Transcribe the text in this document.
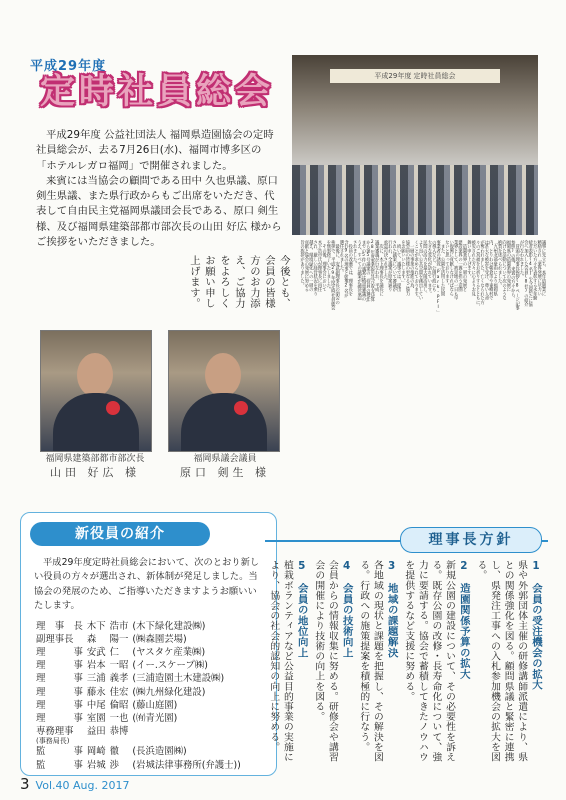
平成29年度
定時社員総会
平成29年度 公益社団法人 福岡県造園協会の定時社員総会が、去る7月26日(水)、福岡市博多区の「ホテルレガロ福岡」で開催されました。
来賓には当協会の顧問である田中 久也県議、原口 剣生県議、また県行政からもご出席をいただき、代表して自由民主党福岡県議団会長である、原口 剣生 様、及び福岡県建築部都市部次長の山田 好広 様からご挨拶をいただきました。
平成29年度 定時社員総会
議事に先立ち、本年造園業に
精励され「業界発展に尽力い
ただいた方々を表彰する永年勤
続者表彰(4名)や今回新たに協
会へ加入した会員(8社)の紹介
が行なわれました。
　冒頭の理事長挨拶(8ページ記事
参照)の後、来賓の方々から、
福岡県の造園業界の発展に
向けた活動について次のような
抱負を述べられました。
「九州北部豪雨により福岡県
内、とりわけ朝倉市や東峰村で
は甚大な被害を受け、尊い人命
が奪われました。亡くなられた方
々のご冥福をお祈りするとともに、
被災された方々に心よりお見
舞い申し上げます。
　造園業界の一層の発展と
建設業界の一翼を担う造園
業界として、被災地の一日も早
い復興に貢献しなければなら
ないと思っております。
　また、公園を活用した民間
事業者の誘致「Park-PFI」
の導入など、公園行政にも
大きな変化が訪れています。
民間の活力を最大限活用し、
より良い公共空間を創出してい
くことが求められております。
　一層の事業の推進の為、
協会員の皆様の更なるご協力
をお願いいたします。」
　続いて、議事では、提出
された議案について審議が
行われ、全議案が原案通り
承認可決されました。
　次に、木下理事長を議長に
議案審議が行なわれ、平成
28年度事業報告及び収支決算
から第5号議案の「役員の選任」
までの5件の議案は慎重審議の
うえ、すべての議案が議決承認
されました。
　役員の改選では、理事長を
含む9名の理事と監事2名が
選任されました。
　最後に、安武副理事長の閉会の
挨拶で、平成29年度定時社員総会
を無事終了いたしました。
　その後、理事会において
木下浩市氏が理事長に再任
され、厳しい経営状況を乗り
越え、環境緑化への一層の
貢献と協会の発展に努める
旨の挨拶がありました。
今後とも、会員の皆様方のお力添え、ご協力をよろしくお願い申し上げます。
福岡県建築部都市部次長
山田 好広 様
福岡県議会議員
原口 剣生 様
新役員の紹介
平成29年度定時社員総会において、次のとおり新しい役員の方々が選出され、新体制が発足しました。当協会の発展のため、ご指導いただきますようお願いいたします。
理　事　長	木下	浩市	(木下緑化建設㈱)
副理事長	森	陽一	(㈱森園芸場)
理　　　事	安武	仁	(ヤスタケ産業㈱)
理　　　事	岩本	一昭	(イー.スケープ㈱)
理　　　事	三浦	義孝	(三浦造園土木建設㈱)
理　　　事	藤永	佳宏	(㈱九州緑化建設)
理　　　事	中尾	倫昭	(藤山庭園)
理　　　事	室園	一也	(㈲青光園)
専務理事
(事務局長)	益田	恭博	
監　　　事	岡崎	徹	(長浜造園㈱)
監　　　事	岩城	渉	(岩城法律事務所(弁護士))
理事長方針
1　会員の受注機会の拡大
県や外郭団体主催の研修講師派遣により、県との関係強化を図る。顧問県議と緊密に連携し、県発注工事への入札参加機会の拡大を図る。
2　造園関係予算の拡大
新規公園の建設について、その必要性を訴える。既存公園の改修・長寿命化について、強力に要請する。協会で蓄積してきたノウハウを提供するなど支援に努める。
3　地域の課題解決
各地域の現状と課題を把握し、その解決を図る。行政への施策提案を積極的に行なう。
4　会員の技術向上
会員からの情報収集に努める。研修会や講習会の開催により技術の向上を図る。
5　会員の地位向上
植栽ボランティアなど公益目的事業の実施により、協会の社会的認知の向上に努める。
3 Vol.40 Aug. 2017
